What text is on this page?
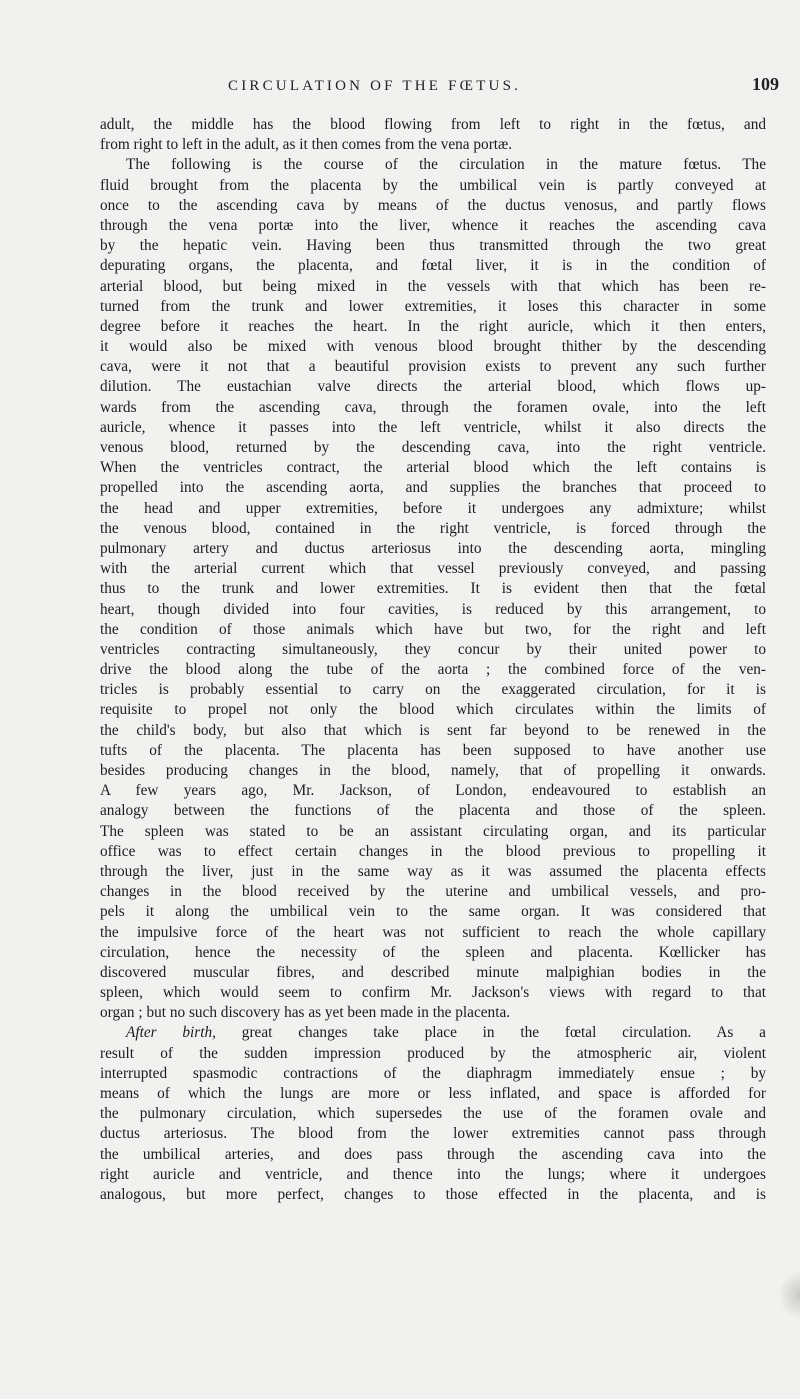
CIRCULATION OF THE FŒTUS.	109
adult, the middle has the blood flowing from left to right in the fœtus, and
from right to left in the adult, as it then comes from the vena portæ.
The following is the course of the circulation in the mature fœtus. The
fluid brought from the placenta by the umbilical vein is partly conveyed at
once to the ascending cava by means of the ductus venosus, and partly flows
through the vena portæ into the liver, whence it reaches the ascending cava
by the hepatic vein. Having been thus transmitted through the two great
depurating organs, the placenta, and fœtal liver, it is in the condition of
arterial blood, but being mixed in the vessels with that which has been re-
turned from the trunk and lower extremities, it loses this character in some
degree before it reaches the heart. In the right auricle, which it then enters,
it would also be mixed with venous blood brought thither by the descending
cava, were it not that a beautiful provision exists to prevent any such further
dilution. The eustachian valve directs the arterial blood, which flows up-
wards from the ascending cava, through the foramen ovale, into the left
auricle, whence it passes into the left ventricle, whilst it also directs the
venous blood, returned by the descending cava, into the right ventricle.
When the ventricles contract, the arterial blood which the left contains is
propelled into the ascending aorta, and supplies the branches that proceed to
the head and upper extremities, before it undergoes any admixture; whilst
the venous blood, contained in the right ventricle, is forced through the
pulmonary artery and ductus arteriosus into the descending aorta, mingling
with the arterial current which that vessel previously conveyed, and passing
thus to the trunk and lower extremities. It is evident then that the fœtal
heart, though divided into four cavities, is reduced by this arrangement, to
the condition of those animals which have but two, for the right and left
ventricles contracting simultaneously, they concur by their united power to
drive the blood along the tube of the aorta ; the combined force of the ven-
tricles is probably essential to carry on the exaggerated circulation, for it is
requisite to propel not only the blood which circulates within the limits of
the child's body, but also that which is sent far beyond to be renewed in the
tufts of the placenta. The placenta has been supposed to have another use
besides producing changes in the blood, namely, that of propelling it onwards.
A few years ago, Mr. Jackson, of London, endeavoured to establish an
analogy between the functions of the placenta and those of the spleen.
The spleen was stated to be an assistant circulating organ, and its particular
office was to effect certain changes in the blood previous to propelling it
through the liver, just in the same way as it was assumed the placenta effects
changes in the blood received by the uterine and umbilical vessels, and pro-
pels it along the umbilical vein to the same organ. It was considered that
the impulsive force of the heart was not sufficient to reach the whole capillary
circulation, hence the necessity of the spleen and placenta. Kœllicker has
discovered muscular fibres, and described minute malpighian bodies in the
spleen, which would seem to confirm Mr. Jackson's views with regard to that
organ ; but no such discovery has as yet been made in the placenta.
After birth, great changes take place in the fœtal circulation. As a
result of the sudden impression produced by the atmospheric air, violent
interrupted spasmodic contractions of the diaphragm immediately ensue ; by
means of which the lungs are more or less inflated, and space is afforded for
the pulmonary circulation, which supersedes the use of the foramen ovale and
ductus arteriosus. The blood from the lower extremities cannot pass through
the umbilical arteries, and does pass through the ascending cava into the
right auricle and ventricle, and thence into the lungs; where it undergoes
analogous, but more perfect, changes to those effected in the placenta, and is
